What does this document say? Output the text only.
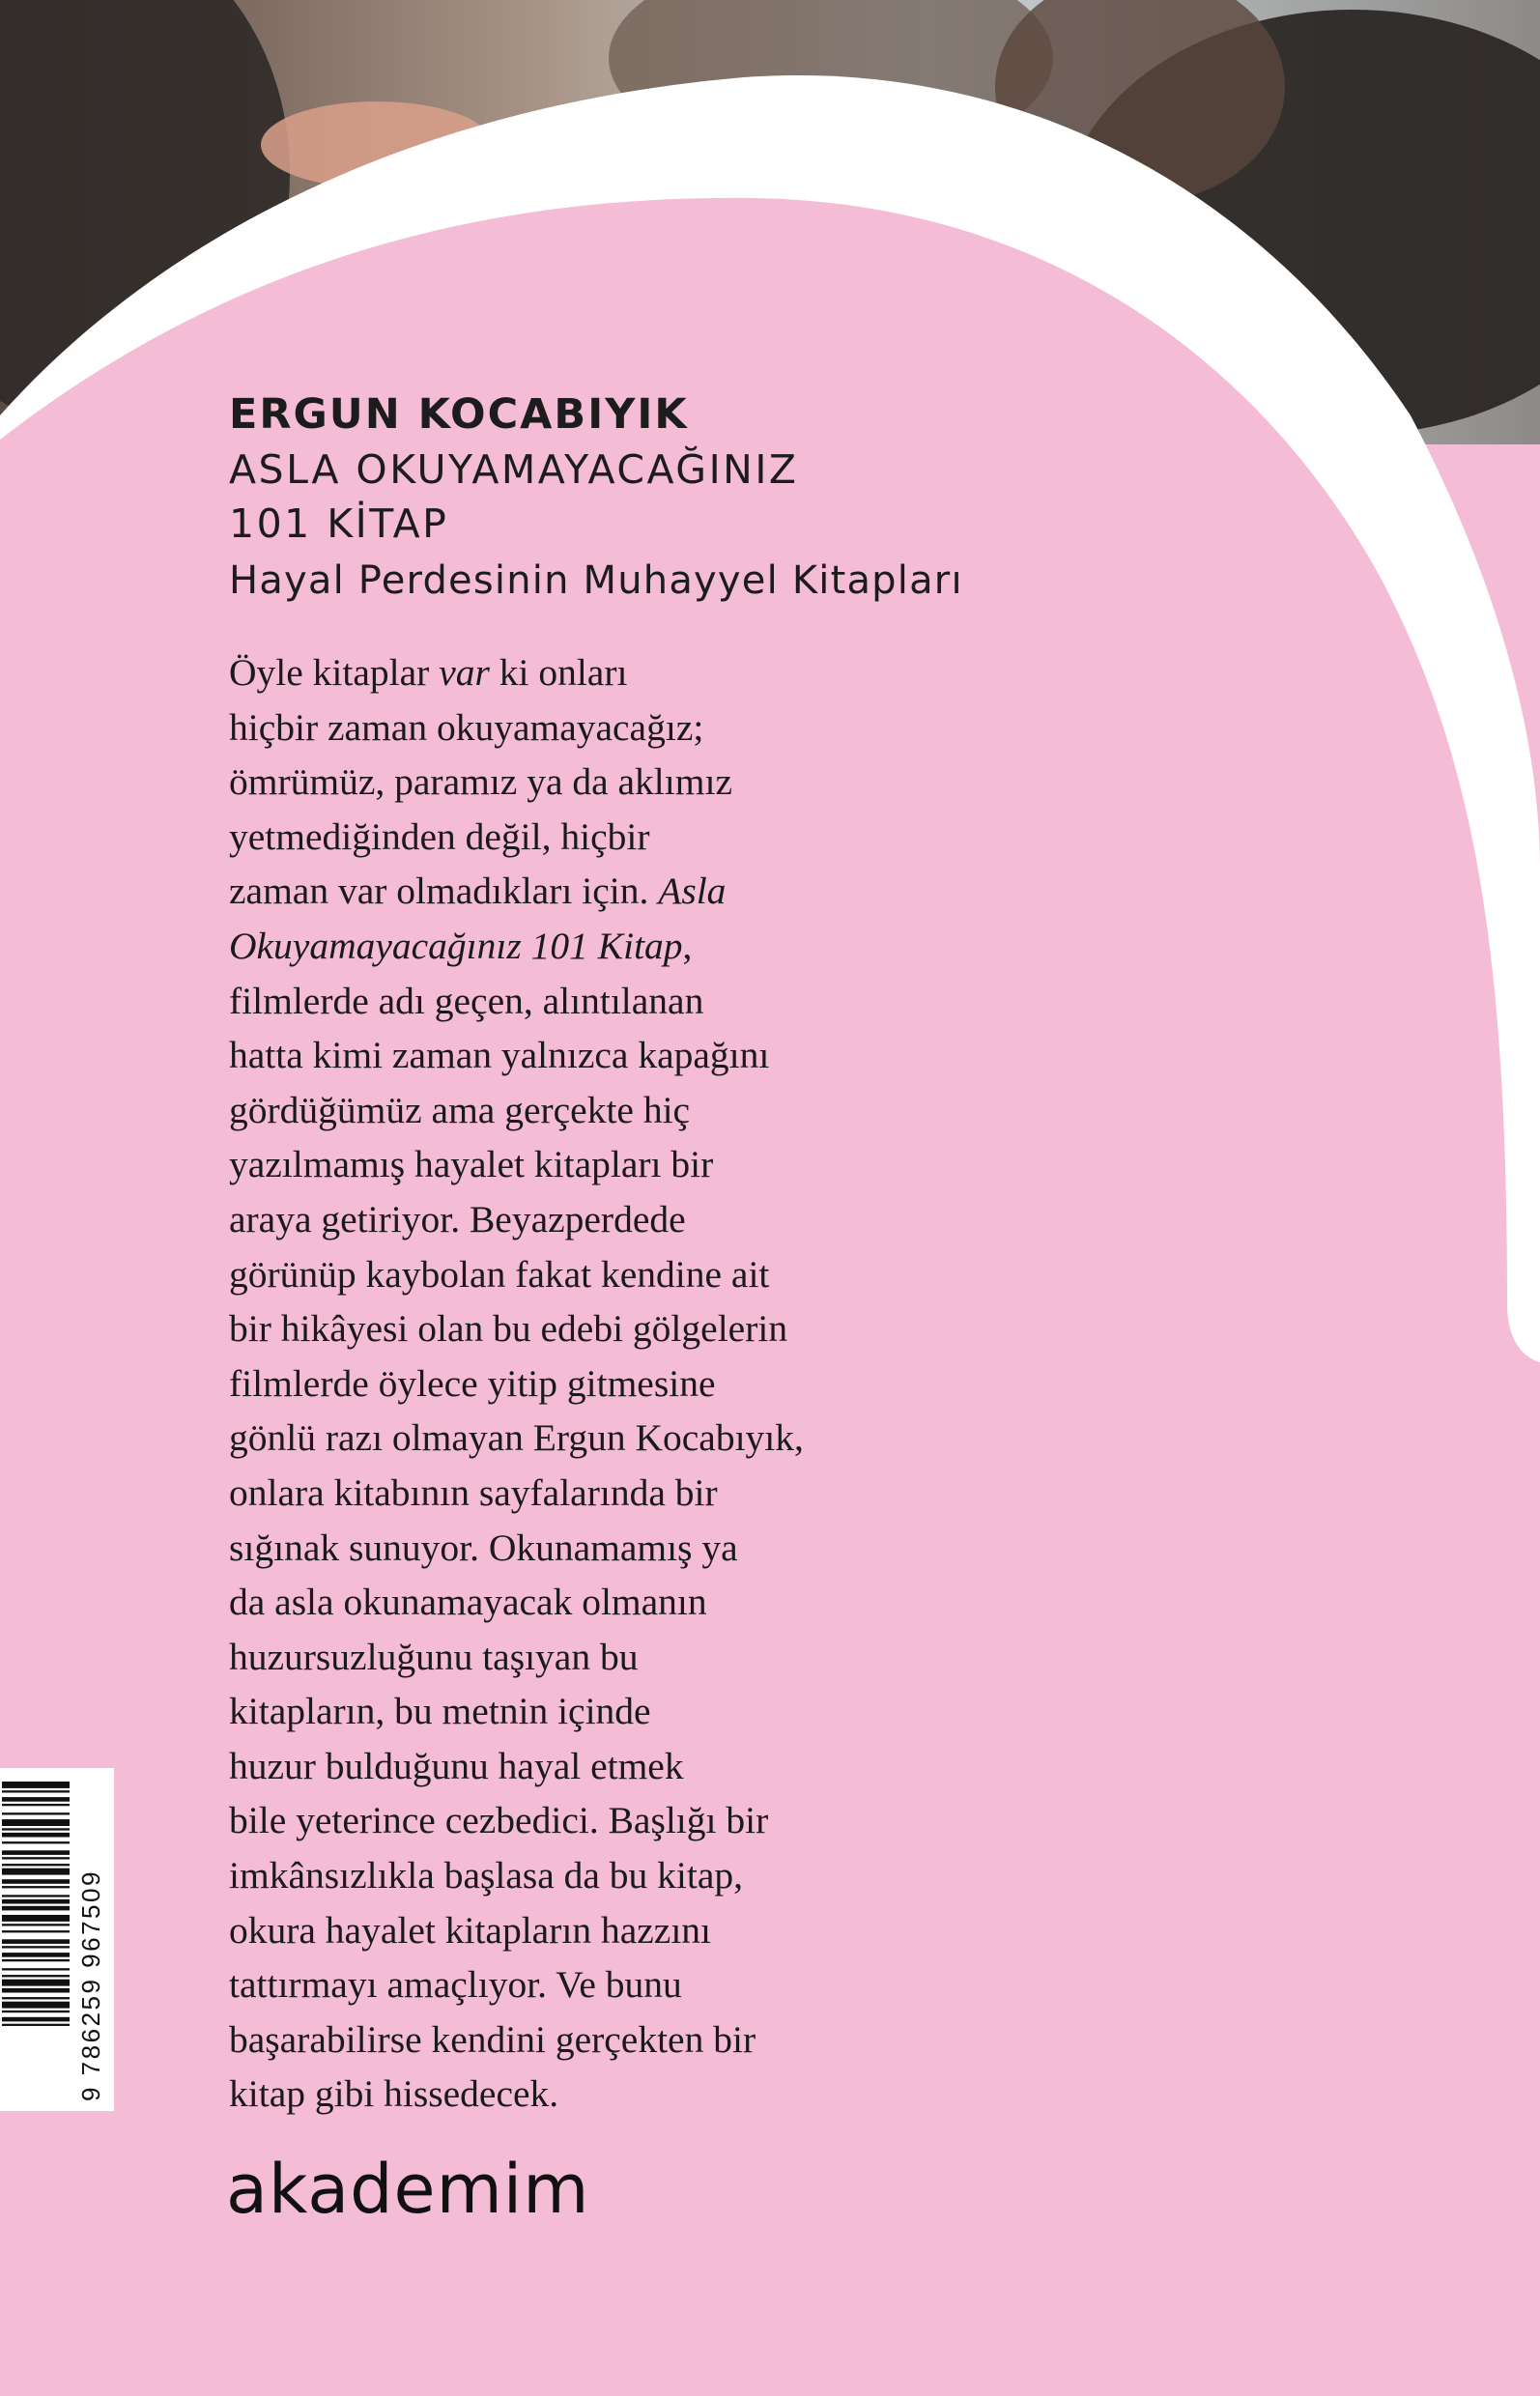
ERGUN KOCABIYIK
ASLA OKUYAMAYACAĞINIZ
101 KİTAP
Hayal Perdesinin Muhayyel Kitapları
Öyle kitaplar var ki onları
hiçbir zaman okuyamayacağız;
ömrümüz, paramız ya da aklımız
yetmediğinden değil, hiçbir
zaman var olmadıkları için. Asla
Okuyamayacağınız 101 Kitap,
filmlerde adı geçen, alıntılanan
hatta kimi zaman yalnızca kapağını
gördüğümüz ama gerçekte hiç
yazılmamış hayalet kitapları bir
araya getiriyor. Beyazperdede
görünüp kaybolan fakat kendine ait
bir hikâyesi olan bu edebi gölgelerin
filmlerde öylece yitip gitmesine
gönlü razı olmayan Ergun Kocabıyık,
onlara kitabının sayfalarında bir
sığınak sunuyor. Okunamamış ya
da asla okunamayacak olmanın
huzursuzluğunu taşıyan bu
kitapların, bu metnin içinde
huzur bulduğunu hayal etmek
bile yeterince cezbedici. Başlığı bir
imkânsızlıkla başlasa da bu kitap,
okura hayalet kitapların hazzını
tattırmayı amaçlıyor. Ve bunu
başarabilirse kendini gerçekten bir
kitap gibi hissedecek.
akademim
9 786259 967509
